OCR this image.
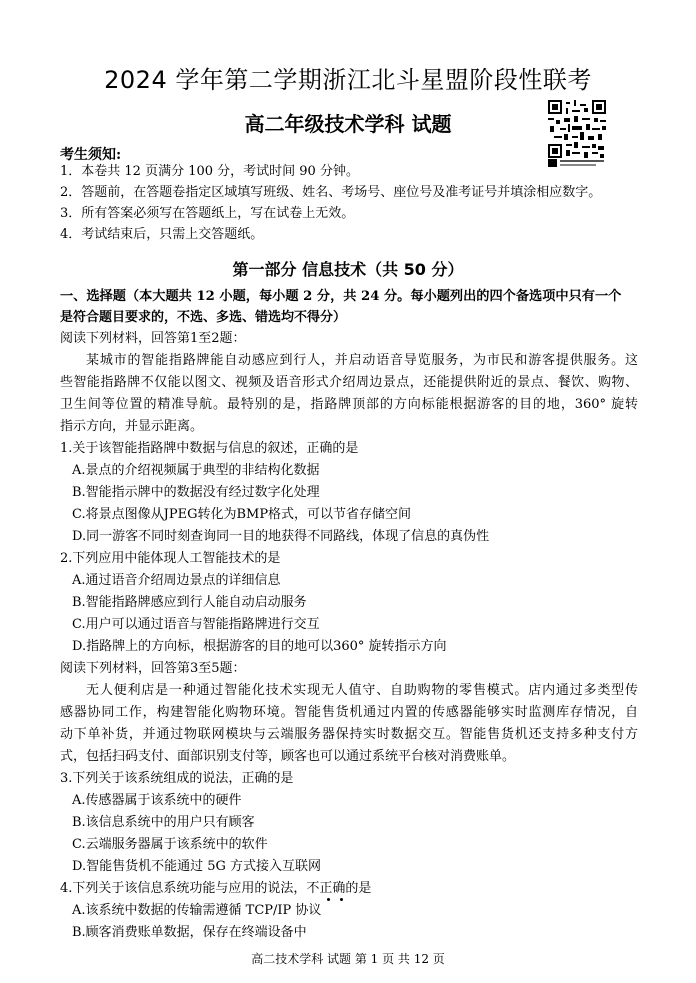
2024 学年第二学期浙江北斗星盟阶段性联考
高二年级技术学科 试题
考生须知:
1．本卷共 12 页满分 100 分，考试时间 90 分钟。
2．答题前，在答题卷指定区域填写班级、姓名、考场号、座位号及准考证号并填涂相应数字。
3．所有答案必须写在答题纸上，写在试卷上无效。
4．考试结束后，只需上交答题纸。
第一部分 信息技术（共 50 分）
一、选择题（本大题共 12 小题，每小题 2 分，共 24 分。每小题列出的四个备选项中只有一个
是符合题目要求的，不选、多选、错选均不得分）
阅读下列材料，回答第1至2题：
某城市的智能指路牌能自动感应到行人，并启动语音导览服务，为市民和游客提供服务。这
些智能指路牌不仅能以图文、视频及语音形式介绍周边景点，还能提供附近的景点、餐饮、购物、
卫生间等位置的精准导航。最特别的是，指路牌顶部的方向标能根据游客的目的地，360° 旋转
指示方向，并显示距离。
1.关于该智能指路牌中数据与信息的叙述，正确的是
A.景点的介绍视频属于典型的非结构化数据
B.智能指示牌中的数据没有经过数字化处理
C.将景点图像从JPEG转化为BMP格式，可以节省存储空间
D.同一游客不同时刻查询同一目的地获得不同路线，体现了信息的真伪性
2.下列应用中能体现人工智能技术的是
A.通过语音介绍周边景点的详细信息
B.智能指路牌感应到行人能自动启动服务
C.用户可以通过语音与智能指路牌进行交互
D.指路牌上的方向标，根据游客的目的地可以360° 旋转指示方向
阅读下列材料，回答第3至5题：
无人便利店是一种通过智能化技术实现无人值守、自助购物的零售模式。店内通过多类型传
感器协同工作，构建智能化购物环境。智能售货机通过内置的传感器能够实时监测库存情况，自
动下单补货，并通过物联网模块与云端服务器保持实时数据交互。智能售货机还支持多种支付方
式，包括扫码支付、面部识别支付等，顾客也可以通过系统平台核对消费账单。
3.下列关于该系统组成的说法，正确的是
A.传感器属于该系统中的硬件
B.该信息系统中的用户只有顾客
C.云端服务器属于该系统中的软件
D.智能售货机不能通过 5G 方式接入互联网
4.下列关于该信息系统功能与应用的说法，不正确的是
A.该系统中数据的传输需遵循 TCP/IP 协议
B.顾客消费账单数据，保存在终端设备中
高二技术学科 试题 第 1 页 共 12 页
